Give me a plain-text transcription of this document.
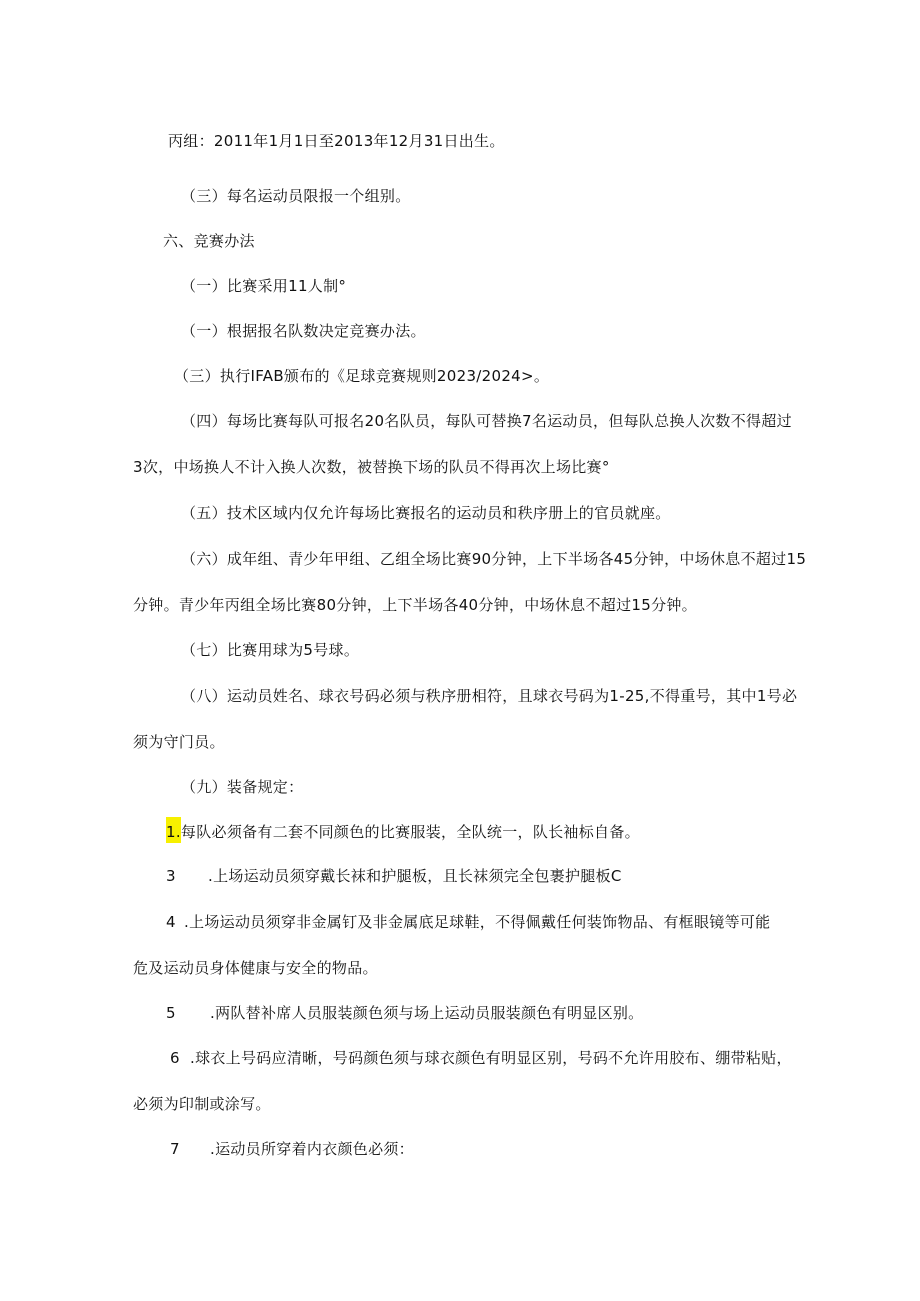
丙组：2011年1月1日至2013年12月31日出生。
（三）每名运动员限报一个组别。
六、竞赛办法
（一）比赛采用11人制°
（一）根据报名队数决定竞赛办法。
（三）执行IFAB颁布的《足球竞赛规则2023∕2024>。
（四）每场比赛每队可报名20名队员，每队可替换7名运动员，但每队总换人次数不得超过
3次，中场换人不计入换人次数，被替换下场的队员不得再次上场比赛°
（五）技术区域内仅允许每场比赛报名的运动员和秩序册上的官员就座。
（六）成年组、青少年甲组、乙组全场比赛90分钟，上下半场各45分钟，中场休息不超过15
分钟。青少年丙组全场比赛80分钟，上下半场各40分钟，中场休息不超过15分钟。
（七）比赛用球为5号球。
（八）运动员姓名、球衣号码必须与秩序册相符，且球衣号码为1-25,不得重号，其中1号必
须为守门员。
（九）装备规定：
1.每队必须备有二套不同颜色的比赛服装，全队统一，队长袖标自备。
3 .上场运动员须穿戴长袜和护腿板，且长袜须完全包裹护腿板C
4 .上场运动员须穿非金属钉及非金属底足球鞋，不得佩戴任何装饰物品、有框眼镜等可能
危及运动员身体健康与安全的物品。
5 .两队替补席人员服装颜色须与场上运动员服装颜色有明显区别。
6 .球衣上号码应清晰，号码颜色须与球衣颜色有明显区别，号码不允许用胶布、绷带粘贴，
必须为印制或涂写。
7 .运动员所穿着内衣颜色必须：
